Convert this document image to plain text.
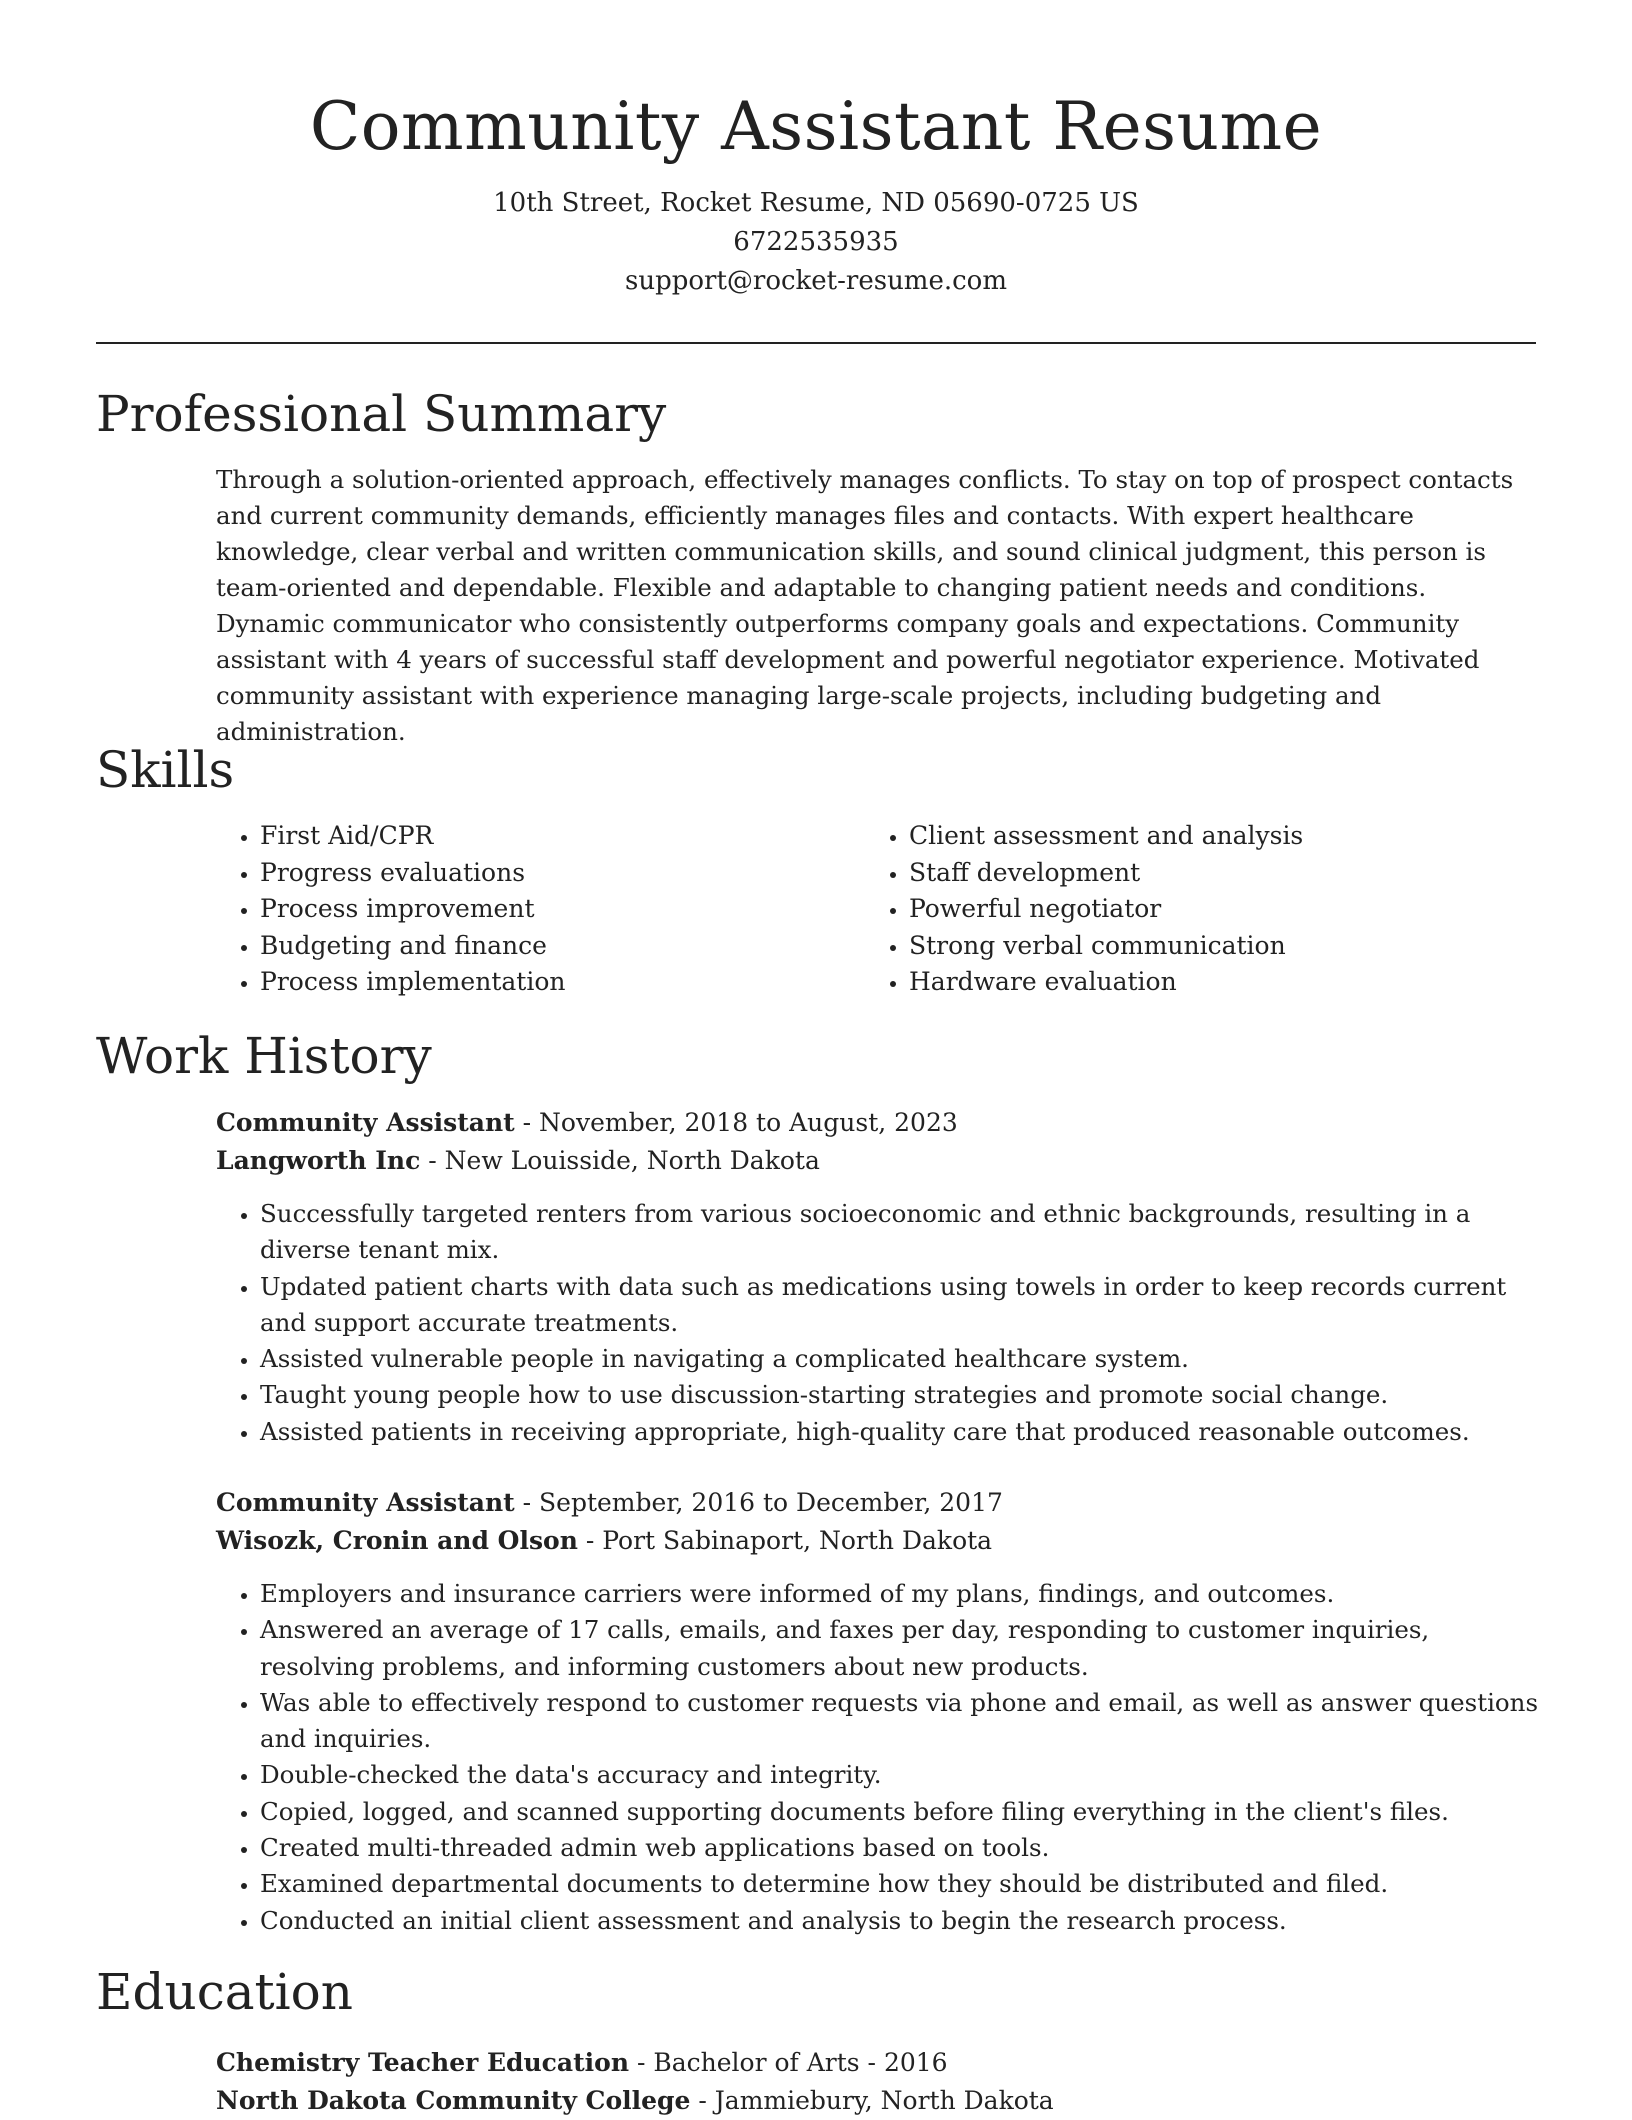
Community Assistant Resume
10th Street, Rocket Resume, ND 05690-0725 US
6722535935
support@rocket-resume.com
Professional Summary

Through a solution-oriented approach, effectively manages conflicts. To stay on top of prospect contacts and current community demands, efficiently manages files and contacts. With expert healthcare knowledge, clear verbal and written communication skills, and sound clinical judgment, this person is team-oriented and dependable. Flexible and adaptable to changing patient needs and conditions. Dynamic communicator who consistently outperforms company goals and expectations. Community assistant with 4 years of successful staff development and powerful negotiator experience. Motivated community assistant with experience managing large-scale projects, including budgeting and administration.

Skills
• First Aid/CPR
• Progress evaluations
• Process improvement
• Budgeting and finance
• Process implementation
• Client assessment and analysis
• Staff development
• Powerful negotiator
• Strong verbal communication
• Hardware evaluation
Work History
Community Assistant - November, 2018 to August, 2023
Langworth Inc - New Louisside, North Dakota
• Successfully targeted renters from various socioeconomic and ethnic backgrounds, resulting in a diverse tenant mix.
• Updated patient charts with data such as medications using towels in order to keep records current and support accurate treatments.
• Assisted vulnerable people in navigating a complicated healthcare system.
• Taught young people how to use discussion-starting strategies and promote social change.
• Assisted patients in receiving appropriate, high-quality care that produced reasonable outcomes.
Community Assistant - September, 2016 to December, 2017
Wisozk, Cronin and Olson - Port Sabinaport, North Dakota
• Employers and insurance carriers were informed of my plans, findings, and outcomes.
• Answered an average of 17 calls, emails, and faxes per day, responding to customer inquiries, resolving problems, and informing customers about new products.
• Was able to effectively respond to customer requests via phone and email, as well as answer questions and inquiries.
• Double-checked the data's accuracy and integrity.
• Copied, logged, and scanned supporting documents before filing everything in the client's files.
• Created multi-threaded admin web applications based on tools.
• Examined departmental documents to determine how they should be distributed and filed.
• Conducted an initial client assessment and analysis to begin the research process.
Education
Chemistry Teacher Education - Bachelor of Arts - 2016
North Dakota Community College - Jammiebury, North Dakota
